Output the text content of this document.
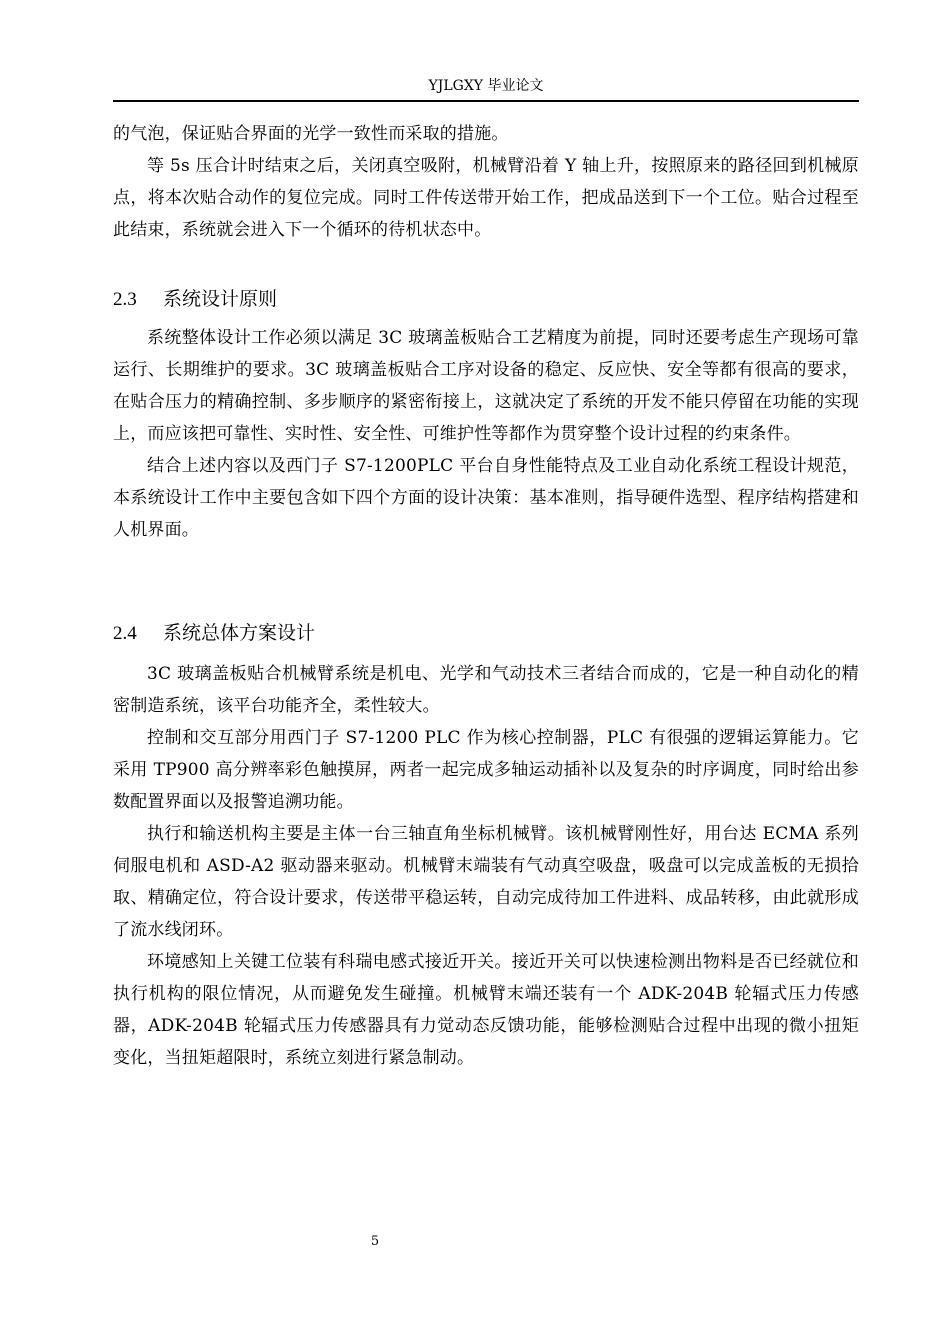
YJLGXY 毕业论文

的气泡，保证贴合界面的光学一致性而采取的措施。

等 5s 压合计时结束之后，关闭真空吸附，机械臂沿着 Y 轴上升，按照原来的路径回到机械原点，将本次贴合动作的复位完成。同时工件传送带开始工作，把成品送到下一个工位。贴合过程至此结束，系统就会进入下一个循环的待机状态中。

2.3 系统设计原则

系统整体设计工作必须以满足 3C 玻璃盖板贴合工艺精度为前提，同时还要考虑生产现场可靠运行、长期维护的要求。3C 玻璃盖板贴合工序对设备的稳定、反应快、安全等都有很高的要求，在贴合压力的精确控制、多步顺序的紧密衔接上，这就决定了系统的开发不能只停留在功能的实现上，而应该把可靠性、实时性、安全性、可维护性等都作为贯穿整个设计过程的约束条件。

结合上述内容以及西门子 S7-1200PLC 平台自身性能特点及工业自动化系统工程设计规范，本系统设计工作中主要包含如下四个方面的设计决策：基本准则，指导硬件选型、程序结构搭建和人机界面。

2.4 系统总体方案设计

3C 玻璃盖板贴合机械臂系统是机电、光学和气动技术三者结合而成的，它是一种自动化的精密制造系统，该平台功能齐全，柔性较大。

控制和交互部分用西门子 S7-1200 PLC 作为核心控制器，PLC 有很强的逻辑运算能力。它采用 TP900 高分辨率彩色触摸屏，两者一起完成多轴运动插补以及复杂的时序调度，同时给出参数配置界面以及报警追溯功能。

执行和输送机构主要是主体一台三轴直角坐标机械臂。该机械臂刚性好，用台达 ECMA 系列伺服电机和 ASD-A2 驱动器来驱动。机械臂末端装有气动真空吸盘，吸盘可以完成盖板的无损拾取、精确定位，符合设计要求，传送带平稳运转，自动完成待加工件进料、成品转移，由此就形成了流水线闭环。

环境感知上关键工位装有科瑞电感式接近开关。接近开关可以快速检测出物料是否已经就位和执行机构的限位情况，从而避免发生碰撞。机械臂末端还装有一个 ADK-204B 轮辐式压力传感器，ADK-204B 轮辐式压力传感器具有力觉动态反馈功能，能够检测贴合过程中出现的微小扭矩变化，当扭矩超限时，系统立刻进行紧急制动。

5
